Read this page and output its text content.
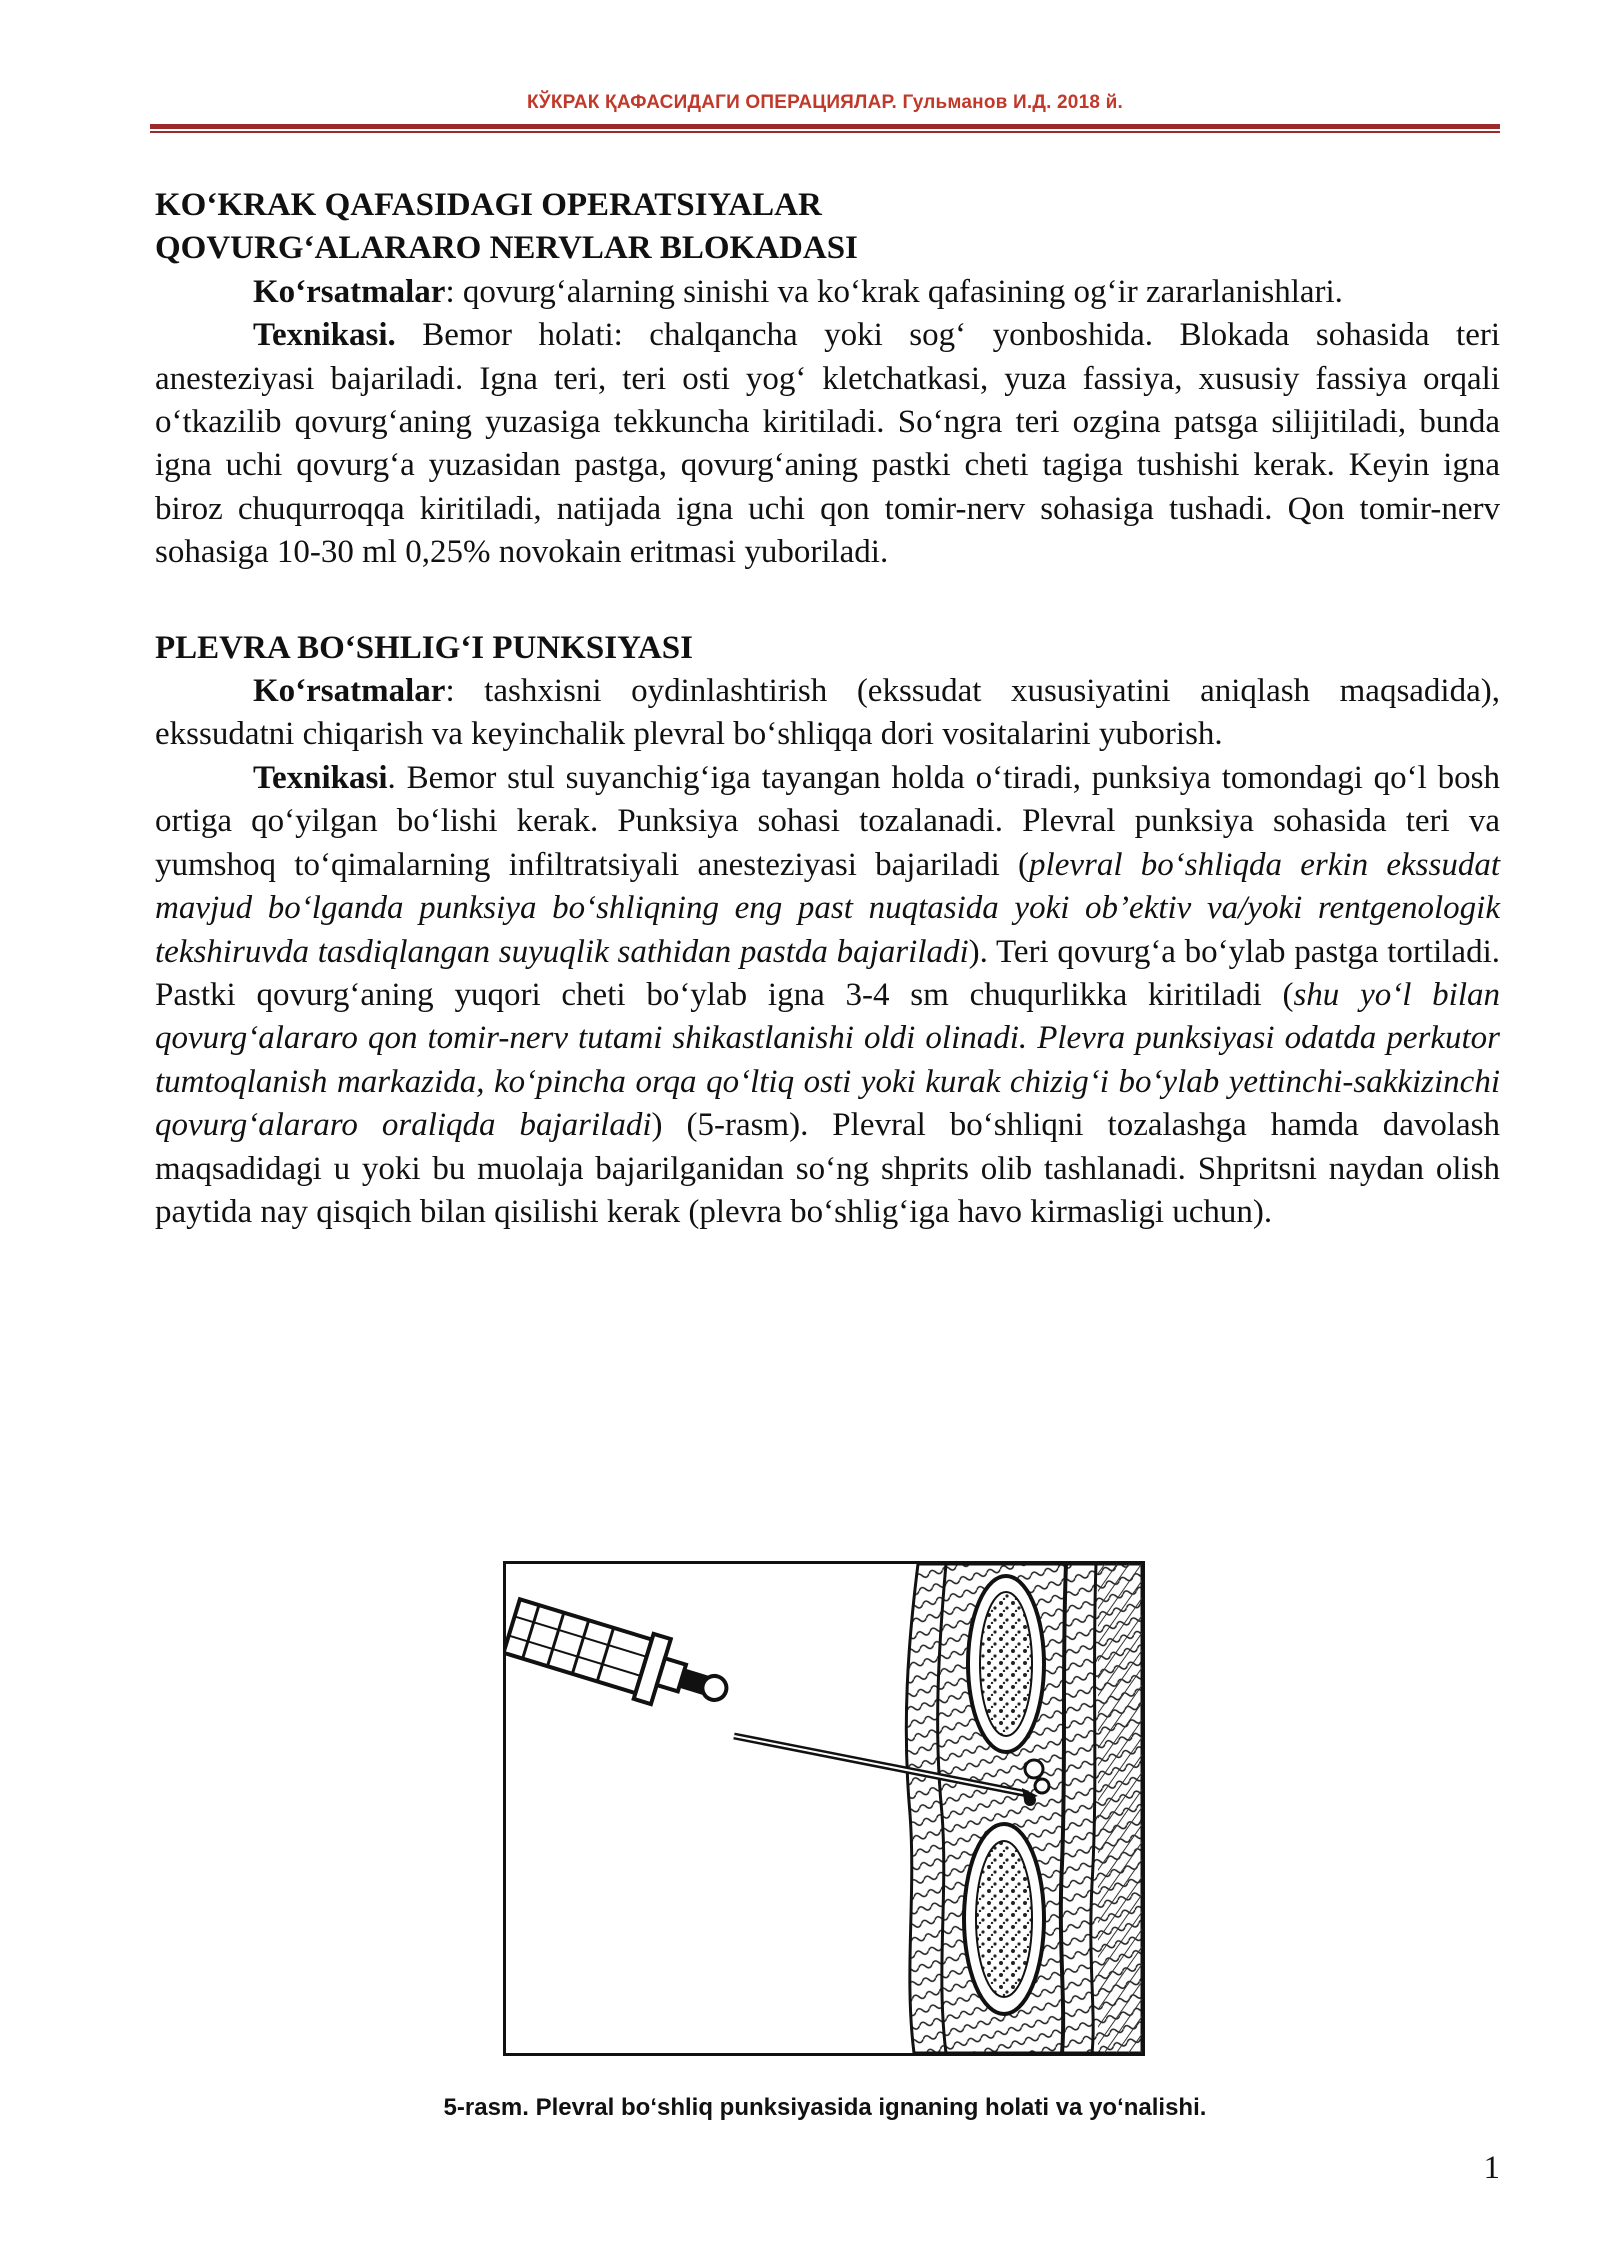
КЎКРАК ҚАФАСИДАГИ ОПЕРАЦИЯЛАР. Гульманов И.Д. 2018 й.

KO‘KRAK QAFASIDAGI OPERATSIYALAR

QOVURG‘ALARARO NERVLAR BLOKADASI

Ko‘rsatmalar: qovurg‘alarning sinishi va ko‘krak qafasining og‘ir zararlanishlari.

Texnikasi. Bemor holati: chalqancha yoki sog‘ yonboshida. Blokada sohasida teri anesteziyasi bajariladi. Igna teri, teri osti yog‘ kletchatkasi, yuza fassiya, xususiy fassiya orqali o‘tkazilib qovurg‘aning yuzasiga tekkuncha kiritiladi. So‘ngra teri ozgina patsga silijitiladi, bunda igna uchi qovurg‘a yuzasidan pastga, qovurg‘aning pastki cheti tagiga tushishi kerak. Keyin igna biroz chuqurroqqa kiritiladi, natijada igna uchi qon tomir-nerv sohasiga tushadi. Qon tomir-nerv sohasiga 10-30 ml 0,25% novokain eritmasi yuboriladi.

PLEVRA BO‘SHLIG‘I PUNKSIYASI

Ko‘rsatmalar: tashxisni oydinlashtirish (ekssudat xususiyatini aniqlash maqsadida), ekssudatni chiqarish va keyinchalik plevral bo‘shliqqa dori vositalarini yuborish.

Texnikasi. Bemor stul suyanchig‘iga tayangan holda o‘tiradi, punksiya tomondagi qo‘l bosh ortiga qo‘yilgan bo‘lishi kerak. Punksiya sohasi tozalanadi. Plevral punksiya sohasida teri va yumshoq to‘qimalarning infiltratsiyali anesteziyasi bajariladi (plevral bo‘shliqda erkin ekssudat mavjud bo‘lganda punksiya bo‘shliqning eng past nuqtasida yoki ob’ektiv va/yoki rentgenologik tekshiruvda tasdiqlangan suyuqlik sathidan pastda bajariladi). Teri qovurg‘a bo‘ylab pastga tortiladi. Pastki qovurg‘aning yuqori cheti bo‘ylab igna 3-4 sm chuqurlikka kiritiladi (shu yo‘l bilan qovurg‘alararo qon tomir-nerv tutami shikastlanishi oldi olinadi. Plevra punksiyasi odatda perkutor tumtoqlanish markazida, ko‘pincha orqa qo‘ltiq osti yoki kurak chizig‘i bo‘ylab yettinchi-sakkizinchi qovurg‘alararo oraliqda bajariladi) (5-rasm). Plevral bo‘shliqni tozalashga hamda davolash maqsadidagi u yoki bu muolaja bajarilganidan so‘ng shprits olib tashlanadi. Shpritsni naydan olish paytida nay qisqich bilan qisilishi kerak (plevra bo‘shlig‘iga havo kirmasligi uchun).

5-rasm. Plevral bo‘shliq punksiyasida ignaning holati va yo‘nalishi.
1
